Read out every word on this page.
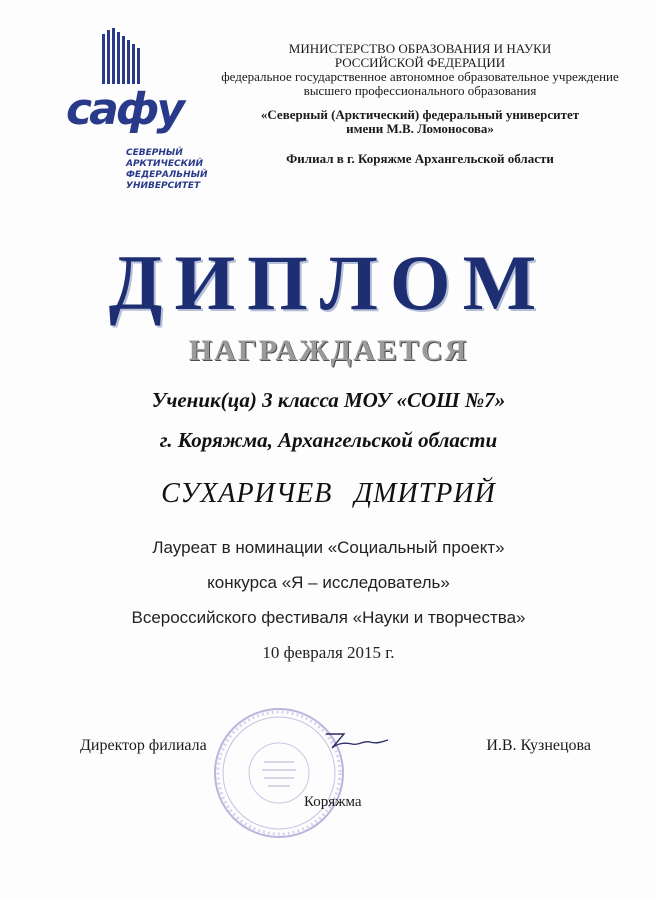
сафу
СЕВЕРНЫЙ
АРКТИЧЕСКИЙ
ФЕДЕРАЛЬНЫЙ
УНИВЕРСИТЕТ
МИНИСТЕРСТВО ОБРАЗОВАНИЯ И НАУКИ
РОССИЙСКОЙ ФЕДЕРАЦИИ
федеральное государственное автономное образовательное учреждение
высшего профессионального образования
«Северный (Арктический) федеральный университет
имени М.В. Ломоносова»
Филиал в г. Коряжме Архангельской области
ДИПЛОМ
НАГРАЖДАЕТСЯ
Ученик(ца) 3 класса МОУ «СОШ №7»
г. Коряжма, Архангельской области
СУХАРИЧЕВ ДМИТРИЙ
Лауреат в номинации «Социальный проект»
конкурса «Я – исследователь»
Всероссийского фестиваля «Науки и творчества»
10 февраля 2015 г.
Директор филиала	И.В. Кузнецова
Коряжма
